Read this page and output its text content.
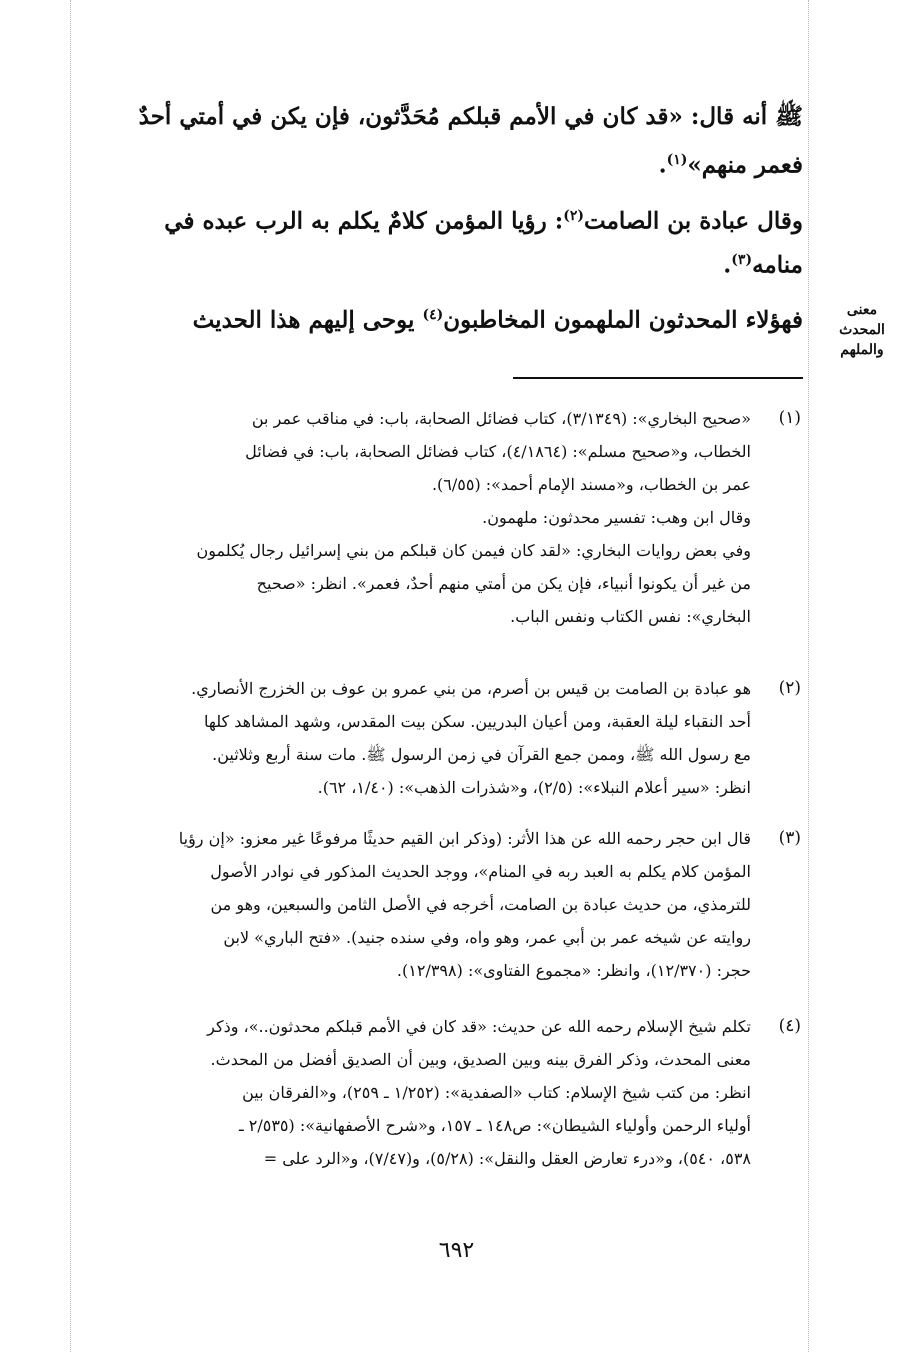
ﷺ أنه قال: «قد كان في الأمم قبلكم مُحَدَّثون، فإن يكن في أمتي أحدٌ
فعمر منهم»$^{(١)}$.
وقال عبادة بن الصامت$^{(٢)}$: رؤيا المؤمن كلامٌ يكلم به الرب عبده في
منامه$^{(٣)}$.
فهؤلاء المحدثون الملهمون المخاطبون$^{(٤)}$ يوحى إليهم هذا الحديث	معنى
المحدث والملهم
(١)
«صحيح البخاري»: (٣/١٣٤٩)، كتاب فضائل الصحابة، باب: في مناقب عمر بن
الخطاب، و«صحيح مسلم»: (٤/١٨٦٤)، كتاب فضائل الصحابة، باب: في فضائل
عمر بن الخطاب، و«مسند الإمام أحمد»: (٦/٥٥).
وقال ابن وهب: تفسير محدثون: ملهمون.
وفي بعض روايات البخاري: «لقد كان فيمن كان قبلكم من بني إسرائيل رجال يُكلمون
من غير أن يكونوا أنبياء، فإن يكن من أمتي منهم أحدٌ، فعمر». انظر: «صحيح
البخاري»: نفس الكتاب ونفس الباب.
(٢)
هو عبادة بن الصامت بن قيس بن أصرم، من بني عمرو بن عوف بن الخزرج الأنصاري.
أحد النقباء ليلة العقبة، ومن أعيان البدريين. سكن بيت المقدس، وشهد المشاهد كلها
مع رسول الله ﷺ، وممن جمع القرآن في زمن الرسول ﷺ. مات سنة أربع وثلاثين.
انظر: «سير أعلام النبلاء»: (٢/٥)، و«شذرات الذهب»: (١/٤٠، ٦٢).
(٣)
قال ابن حجر رحمه الله عن هذا الأثر: (وذكر ابن القيم حديثًا مرفوعًا غير معزو: «إن رؤيا
المؤمن كلام يكلم به العبد ربه في المنام»، ووجد الحديث المذكور في نوادر الأصول
للترمذي، من حديث عبادة بن الصامت، أخرجه في الأصل الثامن والسبعين، وهو من
روايته عن شيخه عمر بن أبي عمر، وهو واه، وفي سنده جنيد). «فتح الباري» لابن
حجر: (١٢/٣٧٠)، وانظر: «مجموع الفتاوى»: (١٢/٣٩٨).
(٤)
تكلم شيخ الإسلام رحمه الله عن حديث: «قد كان في الأمم قبلكم محدثون..»، وذكر
معنى المحدث، وذكر الفرق بينه وبين الصديق، وبين أن الصديق أفضل من المحدث.
انظر: من كتب شيخ الإسلام: كتاب «الصفدية»: (١/٢٥٢ ـ ٢٥٩)، و«الفرقان بين
أولياء الرحمن وأولياء الشيطان»: ص١٤٨ ـ ١٥٧، و«شرح الأصفهانية»: (٢/٥٣٥ ـ
٥٣٨، ٥٤٠)، و«درء تعارض العقل والنقل»: (٥/٢٨)، و(٧/٤٧)، و«الرد على =
٦٩٢
